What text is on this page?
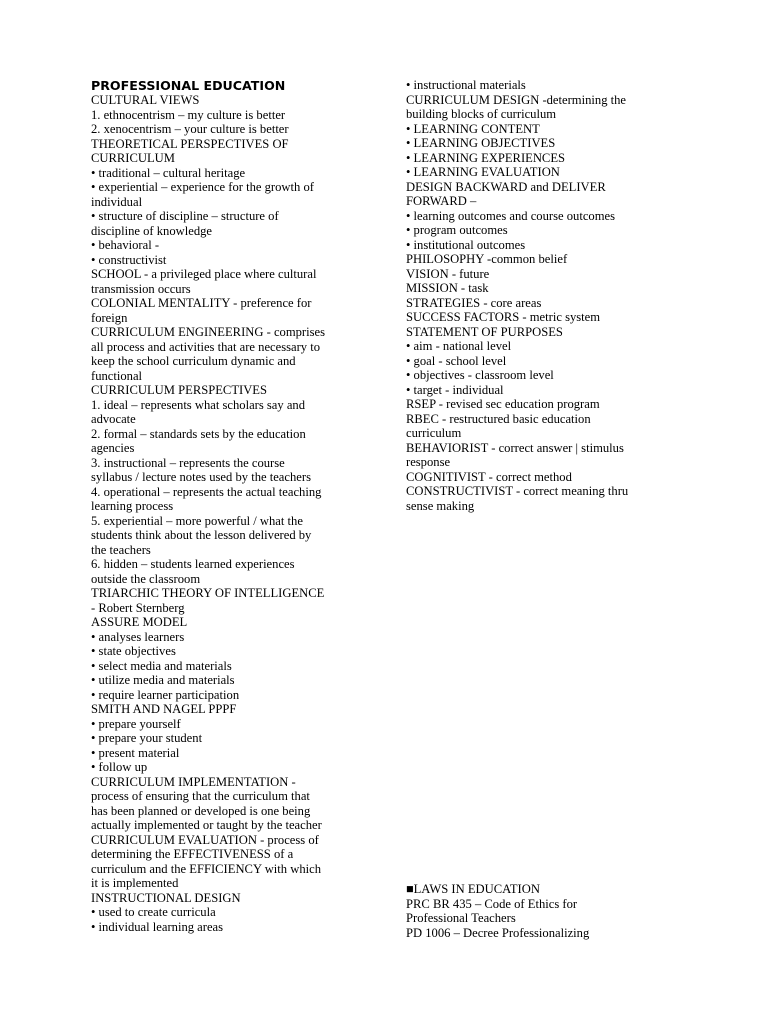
PROFESSIONAL EDUCATION
CULTURAL VIEWS
1. ethnocentrism – my culture is better
2. xenocentrism – your culture is better
THEORETICAL PERSPECTIVES OF
CURRICULUM
• traditional – cultural heritage
• experiential – experience for the growth of
individual
• structure of discipline – structure of
discipline of knowledge
• behavioral -
• constructivist
SCHOOL - a privileged place where cultural
transmission occurs
COLONIAL MENTALITY - preference for
foreign
CURRICULUM ENGINEERING - comprises
all process and activities that are necessary to
keep the school curriculum dynamic and
functional
CURRICULUM PERSPECTIVES
1. ideal – represents what scholars say and
advocate
2. formal – standards sets by the education
agencies
3. instructional – represents the course
syllabus / lecture notes used by the teachers
4. operational – represents the actual teaching
learning process
5. experiential – more powerful / what the
students think about the lesson delivered by
the teachers
6. hidden – students learned experiences
outside the classroom
TRIARCHIC THEORY OF INTELLIGENCE
- Robert Sternberg
ASSURE MODEL
• analyses learners
• state objectives
• select media and materials
• utilize media and materials
• require learner participation
SMITH AND NAGEL PPPF
• prepare yourself
• prepare your student
• present material
• follow up
CURRICULUM IMPLEMENTATION -
process of ensuring that the curriculum that
has been planned or developed is one being
actually implemented or taught by the teacher
CURRICULUM EVALUATION - process of
determining the EFFECTIVENESS of a
curriculum and the EFFICIENCY with which
it is implemented
INSTRUCTIONAL DESIGN
• used to create curricula
• individual learning areas
• instructional materials
CURRICULUM DESIGN -determining the
building blocks of curriculum
• LEARNING CONTENT
• LEARNING OBJECTIVES
• LEARNING EXPERIENCES
• LEARNING EVALUATION
DESIGN BACKWARD and DELIVER
FORWARD –
• learning outcomes and course outcomes
• program outcomes
• institutional outcomes
PHILOSOPHY -common belief
VISION - future
MISSION - task
STRATEGIES - core areas
SUCCESS FACTORS - metric system
STATEMENT OF PURPOSES
• aim - national level
• goal - school level
• objectives - classroom level
• target - individual
RSEP - revised sec education program
RBEC - restructured basic education
curriculum
BEHAVIORIST - correct answer | stimulus
response
COGNITIVIST - correct method
CONSTRUCTIVIST - correct meaning thru
sense making
■LAWS IN EDUCATION
PRC BR 435 – Code of Ethics for
Professional Teachers
PD 1006 – Decree Professionalizing
